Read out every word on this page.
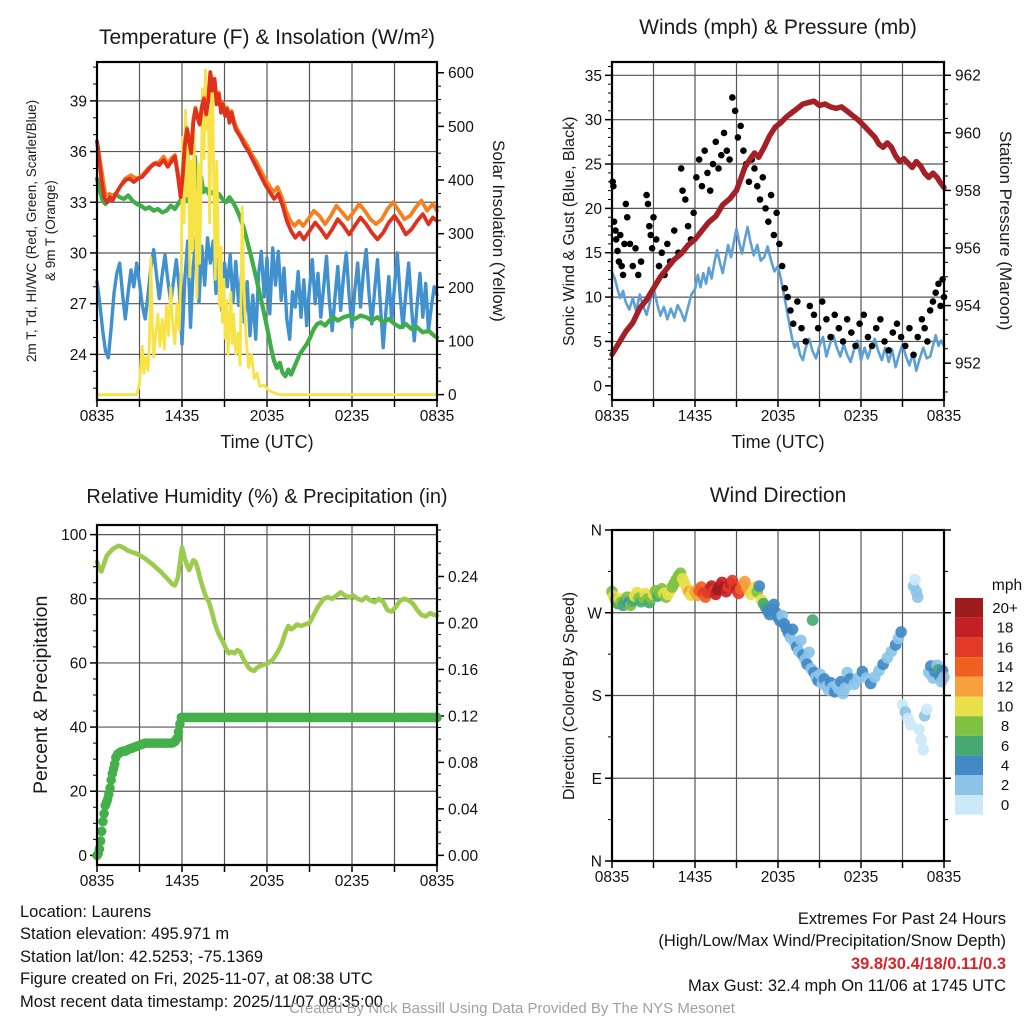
Temperature (F) & Insolation (W/m²)	Winds (mph) & Pressure (mb)
Relative Humidity (%) & Precipitation (in)	Wind Direction
0835	1435	2035	0235	0835
24
27
30
33
36
39
0
100
200
300
400
500
600
0835	1435	2035	0235	0835
0
5
10
15
20
25
30
35
952
954
956
958
960
962
0835	1435	2035	0235	0835
0
20
40
60
80
100
0.00
0.04
0.08
0.12
0.16
0.20
0.24
0835	1435	2035	0235	0835
N
W
S
E
N
mph
20+
18
16
14
12
10
8
6
4
2
0
2m T, Td, HI/WC (Red, Green, Scarlet/Blue) & 9m T (Orange)	Solar Insolation (Yellow)	Sonic Wind & Gust (Blue, Black)	Station Pressure (Maroon)
Percent & Precipitation	Direction (Colored By Speed)
Time (UTC)	Time (UTC)
Location: Laurens
Station elevation: 495.971 m
Station lat/lon: 42.5253; -75.1369
Figure created on Fri, 2025-11-07, at 08:38 UTC
Most recent data timestamp: 2025/11/07 08:35:00
Extremes For Past 24 Hours
(High/Low/Max Wind/Precipitation/Snow Depth)
39.8/30.4/18/0.11/0.3
Max Gust: 32.4 mph On 11/06 at 1745 UTC
Created By Nick Bassill Using Data Provided By The NYS Mesonet
